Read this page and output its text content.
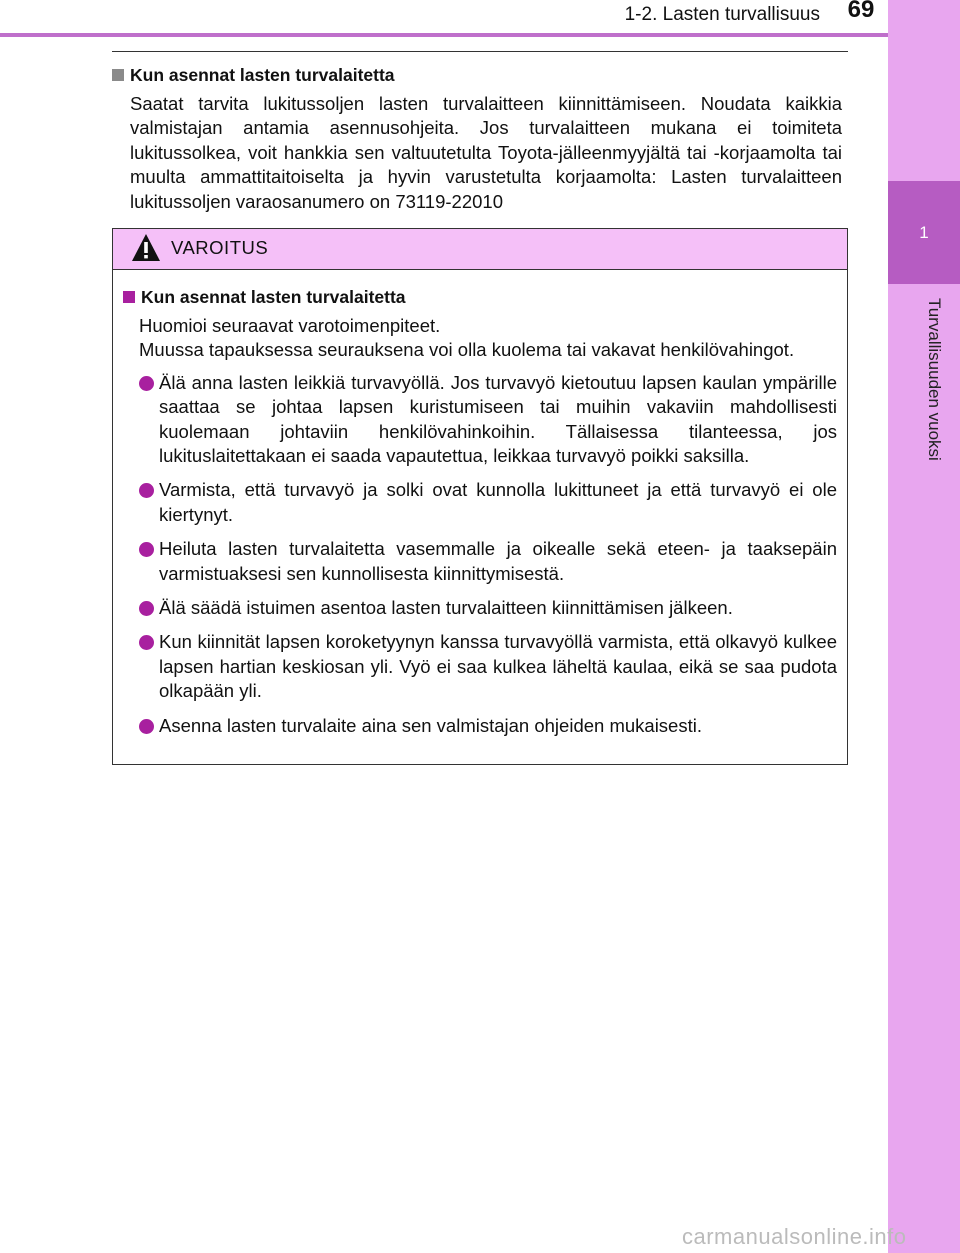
1
Turvallisuuden vuoksi
1-2. Lasten turvallisuus	69

Kun asennat lasten turvalaitetta

Saatat tarvita lukitussoljen lasten turvalaitteen kiinnittämiseen. Noudata kaikkia valmistajan antamia asennusohjeita. Jos turvalaitteen mukana ei toimiteta lukitussolkea, voit hankkia sen valtuutetulta Toyota-jälleenmyyjältä tai -korjaamolta tai muulta ammattitaitoiselta ja hyvin varustetulta korjaamolta: Lasten turvalaitteen lukitussoljen varaosanumero on 73119-22010

VAROITUS

Kun asennat lasten turvalaitetta

Huomioi seuraavat varotoimenpiteet.
Muussa tapauksessa seurauksena voi olla kuolema tai vakavat henkilövahingot.

Älä anna lasten leikkiä turvavyöllä. Jos turvavyö kietoutuu lapsen kaulan ympärille saattaa se johtaa lapsen kuristumiseen tai muihin vakaviin mahdollisesti kuolemaan johtaviin henkilövahinkoihin. Tällaisessa tilanteessa, jos lukituslaitettakaan ei saada vapautettua, leikkaa turvavyö poikki saksilla.
Varmista, että turvavyö ja solki ovat kunnolla lukittuneet ja että turvavyö ei ole kiertynyt.
Heiluta lasten turvalaitetta vasemmalle ja oikealle sekä eteen- ja taaksepäin varmistuaksesi sen kunnollisesta kiinnittymisestä.
Älä säädä istuimen asentoa lasten turvalaitteen kiinnittämisen jälkeen.
Kun kiinnität lapsen koroketyynyn kanssa turvavyöllä varmista, että olkavyö kulkee lapsen hartian keskiosan yli. Vyö ei saa kulkea läheltä kaulaa, eikä se saa pudota olkapään yli.
Asenna lasten turvalaite aina sen valmistajan ohjeiden mukaisesti.
carmanualsonline.info
